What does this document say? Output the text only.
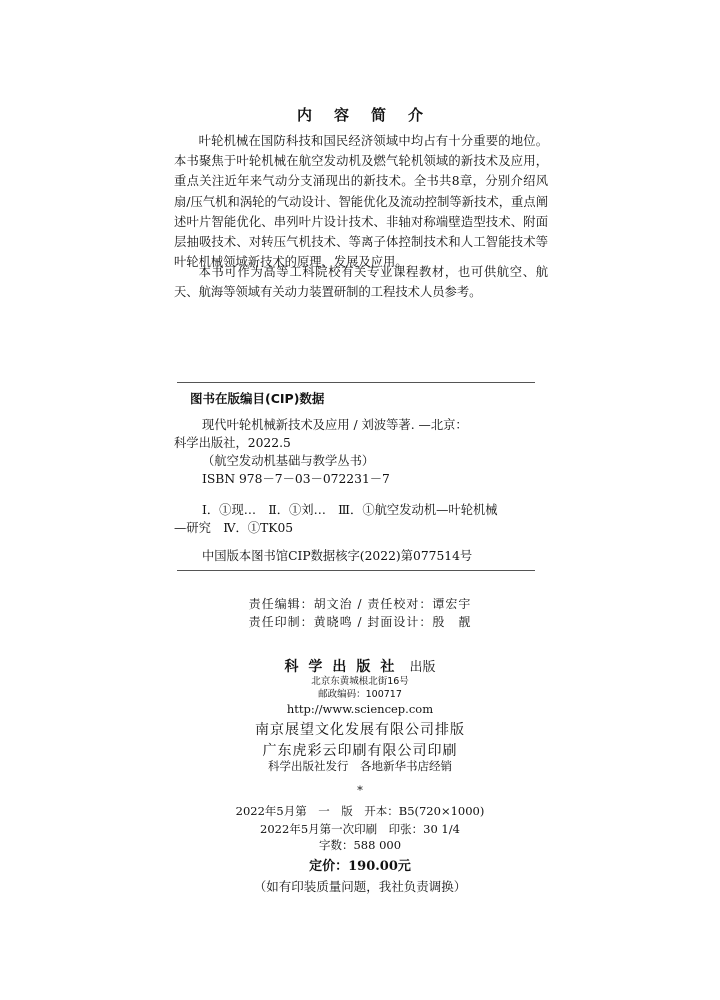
内容简介

叶轮机械在国防科技和国民经济领域中均占有十分重要的地位。本书聚焦于叶轮机械在航空发动机及燃气轮机领域的新技术及应用，重点关注近年来气动分支涌现出的新技术。全书共8章，分别介绍风扇/压气机和涡轮的气动设计、智能优化及流动控制等新技术，重点阐述叶片智能优化、串列叶片设计技术、非轴对称端壁造型技术、附面层抽吸技术、对转压气机技术、等离子体控制技术和人工智能技术等叶轮机械领域新技术的原理、发展及应用。

本书可作为高等工科院校有关专业课程教材，也可供航空、航天、航海等领域有关动力装置研制的工程技术人员参考。

图书在版编目(CIP)数据
现代叶轮机械新技术及应用 / 刘波等著. —北京：
科学出版社，2022.5
（航空发动机基础与教学丛书）
ISBN 978－7－03－072231－7
Ⅰ．①现…　Ⅱ．①刘…　Ⅲ．①航空发动机—叶轮机械
—研究　Ⅳ．①TK05
中国版本图书馆CIP数据核字(2022)第077514号
责任编辑：胡文治 / 责任校对：谭宏宇
责任印制：黄晓鸣 / 封面设计：殷　靓
科学出版社 出版
北京东黄城根北街16号
邮政编码：100717
http://www.sciencep.com
南京展望文化发展有限公司排版
广东虎彩云印刷有限公司印刷
科学出版社发行　各地新华书店经销
*
2022年5月第　一　版　开本：B5(720×1000)
2022年5月第一次印刷　印张：30 1/4
字数：588 000
定价：190.00元
（如有印装质量问题，我社负责调换）
